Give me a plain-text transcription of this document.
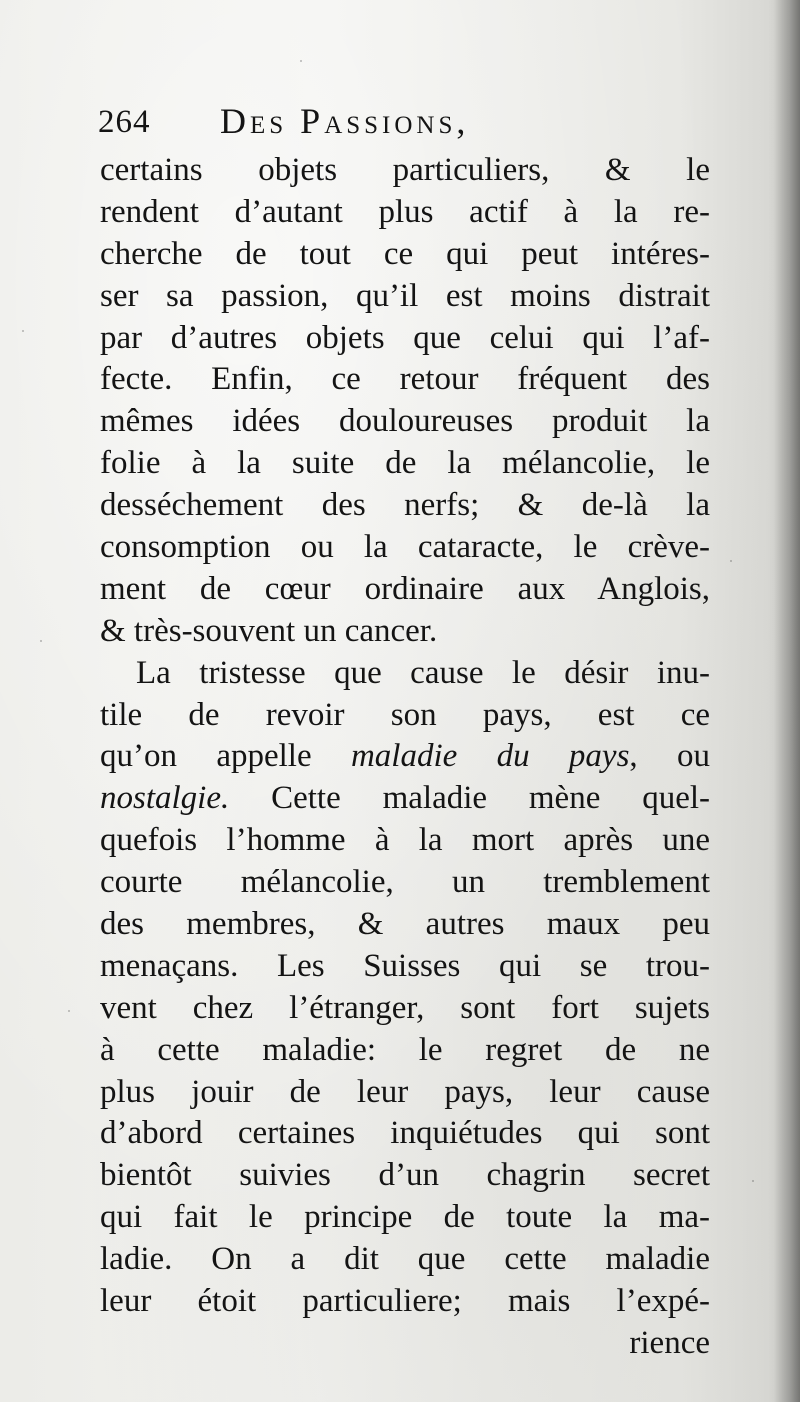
264 Des Passions,
certains objets particuliers, & le
rendent d’autant plus actif à la re-
cherche de tout ce qui peut intéres-
ser sa passion, qu’il est moins distrait
par d’autres objets que celui qui l’af-
fecte. Enfin, ce retour fréquent des
mêmes idées douloureuses produit la
folie à la suite de la mélancolie, le
desséchement des nerfs; & de-là la
consomption ou la cataracte, le crève-
ment de cœur ordinaire aux Anglois,
& très-souvent un cancer.
La tristesse que cause le désir inu-
tile de revoir son pays, est ce
qu’on appelle maladie du pays, ou
nostalgie. Cette maladie mène quel-
quefois l’homme à la mort après une
courte mélancolie, un tremblement
des membres, & autres maux peu
menaçans. Les Suisses qui se trou-
vent chez l’étranger, sont fort sujets
à cette maladie: le regret de ne
plus jouir de leur pays, leur cause
d’abord certaines inquiétudes qui sont
bientôt suivies d’un chagrin secret
qui fait le principe de toute la ma-
ladie. On a dit que cette maladie
leur étoit particuliere; mais l’expé-
rience
